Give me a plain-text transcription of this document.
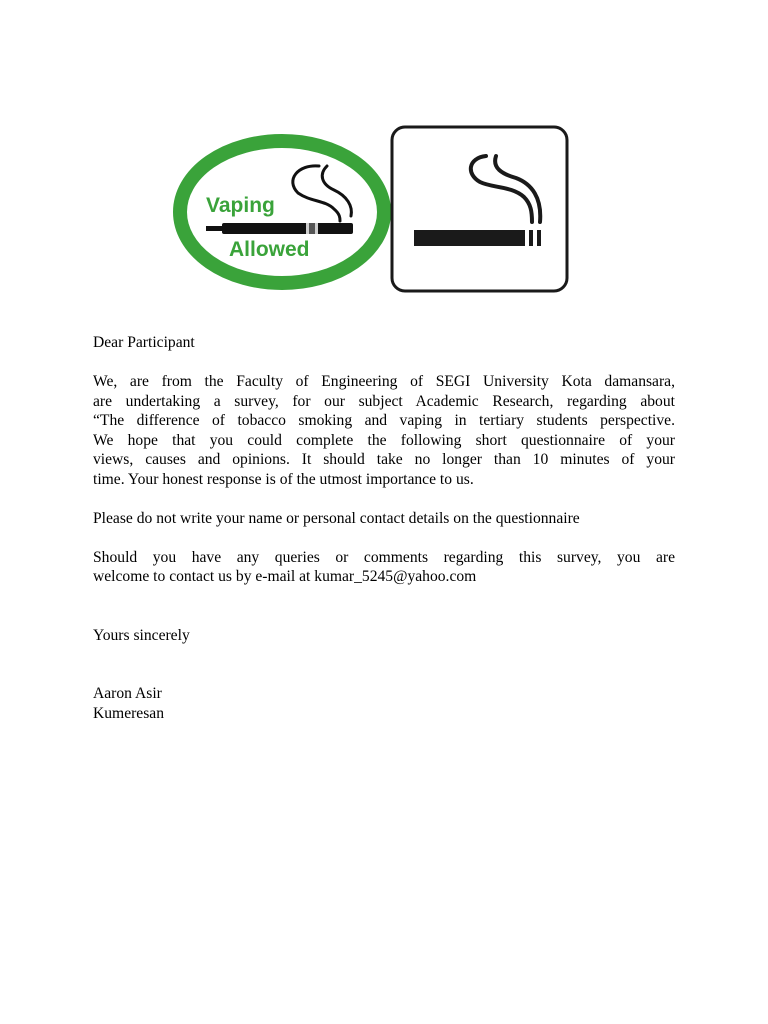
Vaping
Allowed

Dear Participant

We, are from the Faculty of Engineering of SEGI University Kota damansara,

are undertaking a survey, for our subject Academic Research, regarding about

“The difference of tobacco smoking and vaping in tertiary students perspective.

We hope that you could complete the following short questionnaire of your

views, causes and opinions. It should take no longer than 10 minutes of your

time. Your honest response is of the utmost importance to us.

Please do not write your name or personal contact details on the questionnaire

Should you have any queries or comments regarding this survey, you are

welcome to contact us by e-mail at kumar_5245@yahoo.com

Yours sincerely

Aaron Asir

Kumeresan
